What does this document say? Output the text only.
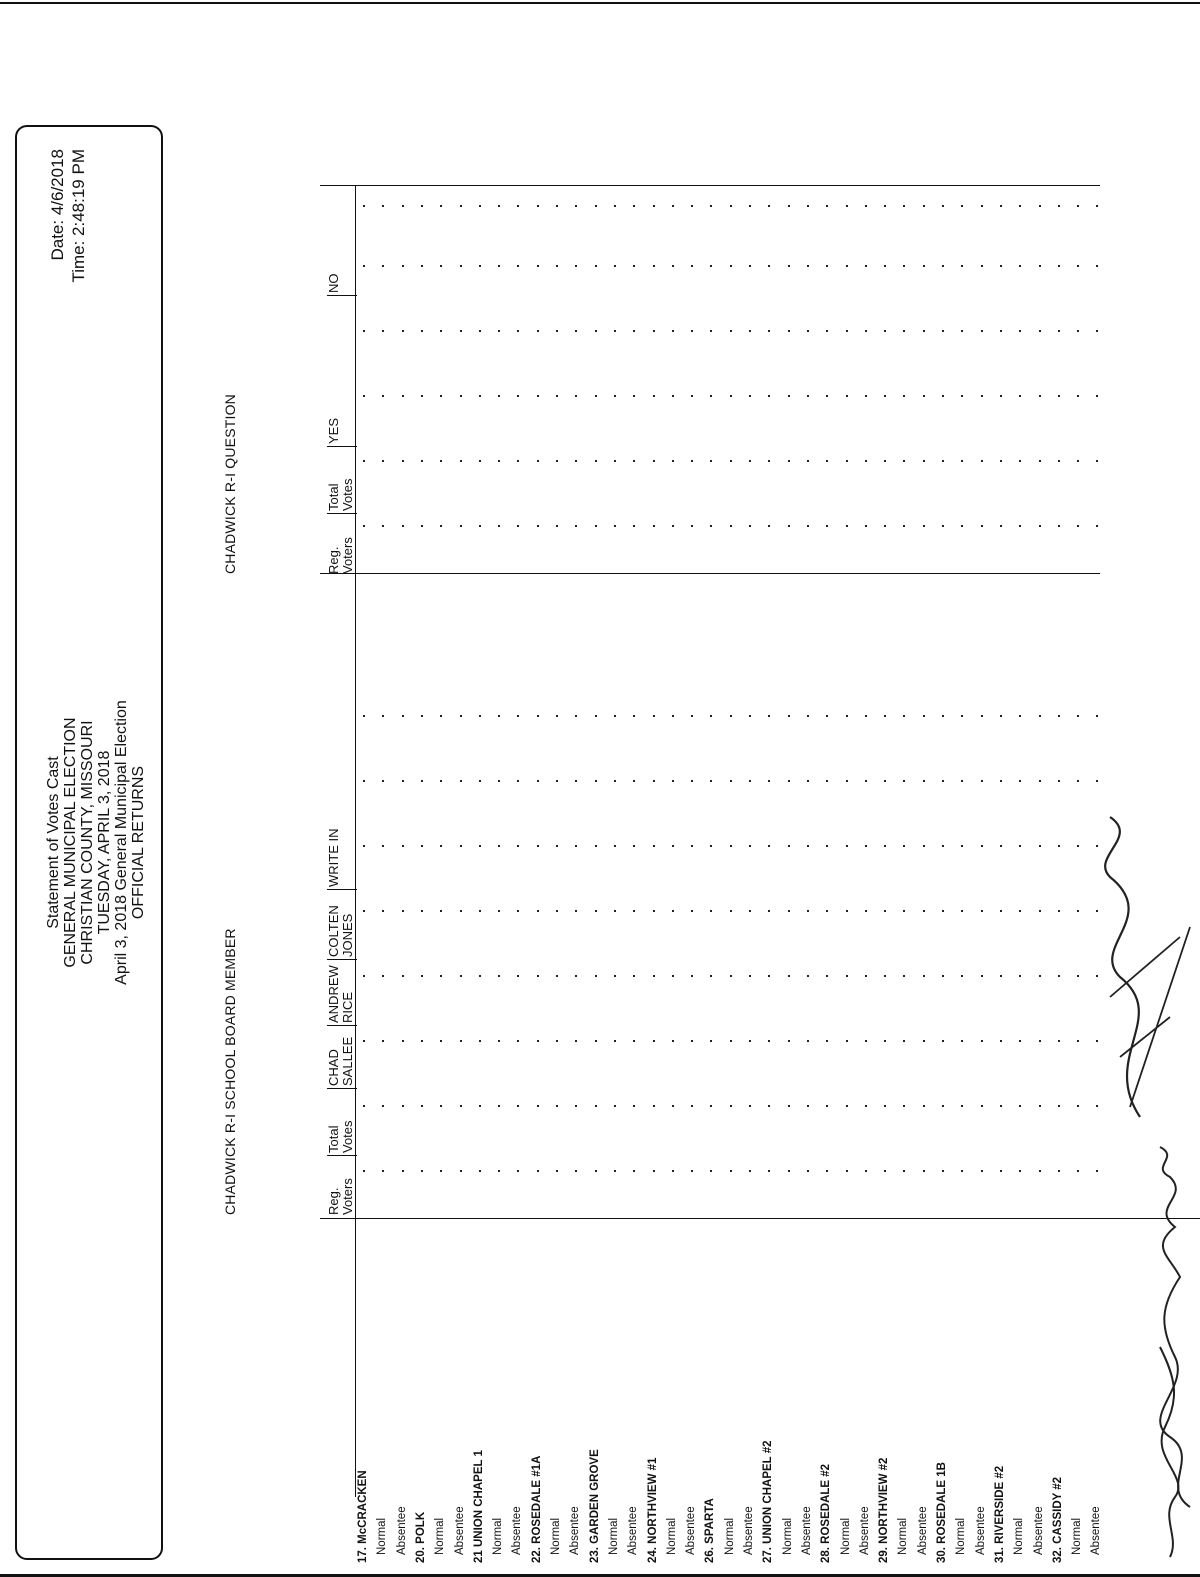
Statement of Votes Cast GENERAL MUNICIPAL ELECTION CHRISTIAN COUNTY, MISSOURI TUESDAY, APRIL 3, 2018 April 3, 2018 General Municipal Election OFFICIAL RETURNS
Date: 4/6/2018 Time: 2:48:19 PM
CHADWICK R-I SCHOOL BOARD MEMBER
CHADWICK R-I QUESTION
Reg. Voters
Total Votes
CHAD SALLEE
ANDREW RICE
COLTEN JONES
WRITE IN
Reg. Voters
Total Votes
YES
NO
17. McCRACKEN Normal Absentee 20. POLK Normal Absentee 21 UNION CHAPEL 1 Normal Absentee 22. ROSEDALE #1A Normal Absentee 23. GARDEN GROVE Normal Absentee 24. NORTHVIEW #1 Normal Absentee 26. SPARTA Normal Absentee 27. UNION CHAPEL #2 Normal Absentee 28. ROSEDALE #2 Normal Absentee 29. NORTHVIEW #2 Normal Absentee 30. ROSEDALE 1B Normal Absentee 31. RIVERSIDE #2 Normal Absentee 32. CASSIDY #2 Normal Absentee
